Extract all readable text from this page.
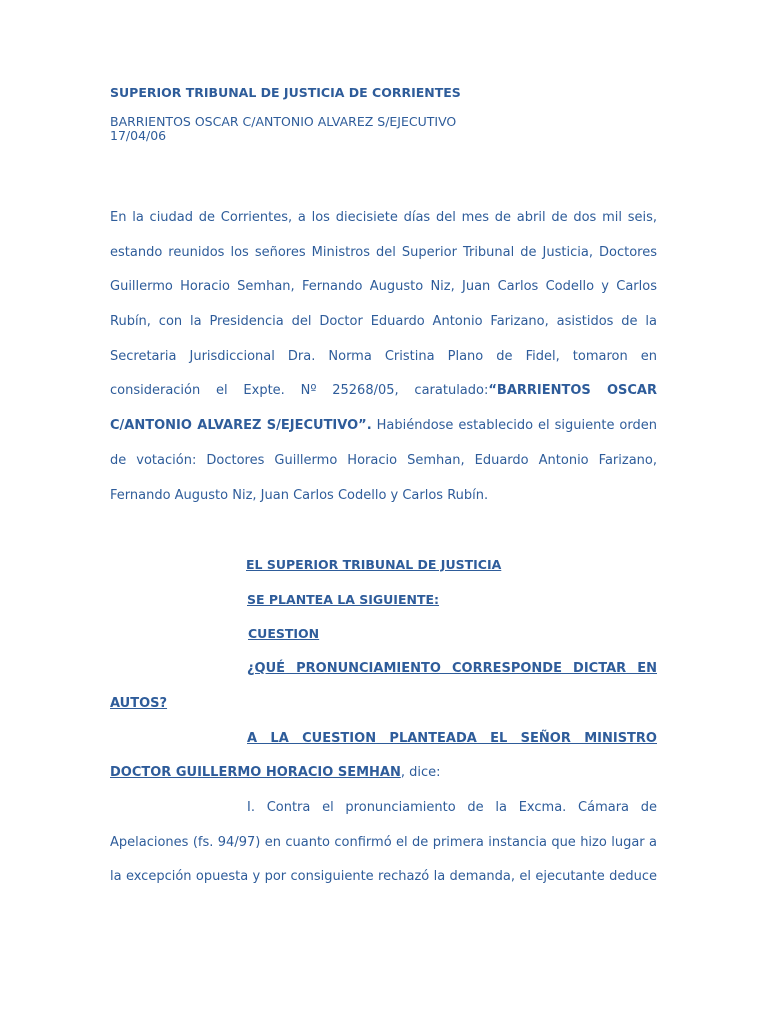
SUPERIOR TRIBUNAL DE JUSTICIA DE CORRIENTES
BARRIENTOS OSCAR C/ANTONIO ALVAREZ S/EJECUTIVO
17/04/06
En la ciudad de Corrientes, a los diecisiete días del mes de abril de dos mil seis,
estando reunidos los señores Ministros del Superior Tribunal de Justicia, Doctores
Guillermo Horacio Semhan, Fernando Augusto Niz, Juan Carlos Codello y Carlos
Rubín, con la Presidencia del Doctor Eduardo Antonio Farizano, asistidos de la
Secretaria Jurisdiccional Dra. Norma Cristina Plano de Fidel, tomaron en
consideración el Expte. Nº 25268/05, caratulado:“BARRIENTOS OSCAR
C/ANTONIO ALVAREZ S/EJECUTIVO”. Habiéndose establecido el siguiente orden
de votación: Doctores Guillermo Horacio Semhan, Eduardo Antonio Farizano,
Fernando Augusto Niz, Juan Carlos Codello y Carlos Rubín.
EL SUPERIOR TRIBUNAL DE JUSTICIA
SE PLANTEA LA SIGUIENTE:
CUESTION
¿QUÉ PRONUNCIAMIENTO CORRESPONDE DICTAR EN
AUTOS?
A LA CUESTION PLANTEADA EL SEÑOR MINISTRO
DOCTOR GUILLERMO HORACIO SEMHAN, dice:
I. Contra el pronunciamiento de la Excma. Cámara de
Apelaciones (fs. 94/97) en cuanto confirmó el de primera instancia que hizo lugar a
la excepción opuesta y por consiguiente rechazó la demanda, el ejecutante deduce
